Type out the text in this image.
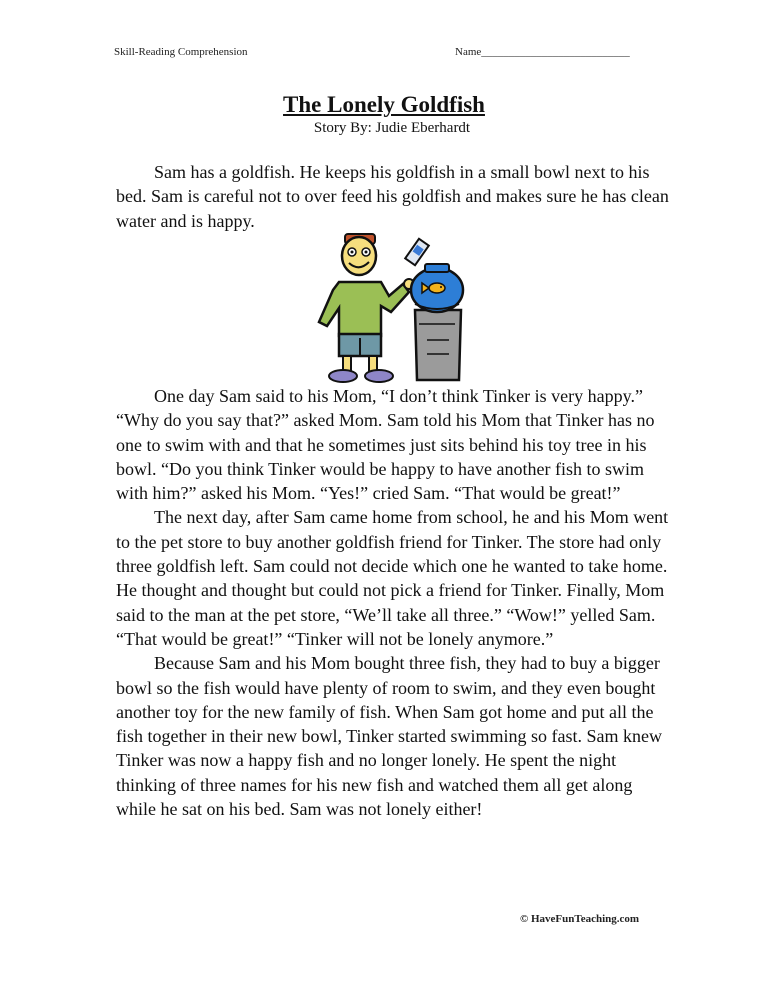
Skill-Reading Comprehension	Name___________________________
The Lonely Goldfish
Story By: Judie Eberhardt

Sam has a goldfish. He keeps his goldfish in a small bowl next to his bed. Sam is careful not to over feed his goldfish and makes sure he has clean water and is happy.

One day Sam said to his Mom, “I don’t think Tinker is very happy.” “Why do you say that?” asked Mom. Sam told his Mom that Tinker has no one to swim with and that he sometimes just sits behind his toy tree in his bowl. “Do you think Tinker would be happy to have another fish to swim with him?” asked his Mom. “Yes!” cried Sam. “That would be great!”
The next day, after Sam came home from school, he and his Mom went to the pet store to buy another goldfish friend for Tinker. The store had only three goldfish left. Sam could not decide which one he wanted to take home. He thought and thought but could not pick a friend for Tinker. Finally, Mom said to the man at the pet store, “We’ll take all three.” “Wow!” yelled Sam. “That would be great!” “Tinker will not be lonely anymore.”
Because Sam and his Mom bought three fish, they had to buy a bigger bowl so the fish would have plenty of room to swim, and they even bought another toy for the new family of fish. When Sam got home and put all the fish together in their new bowl, Tinker started swimming so fast. Sam knew Tinker was now a happy fish and no longer lonely. He spent the night thinking of three names for his new fish and watched them all get along while he sat on his bed. Sam was not lonely either!
© HaveFunTeaching.com
